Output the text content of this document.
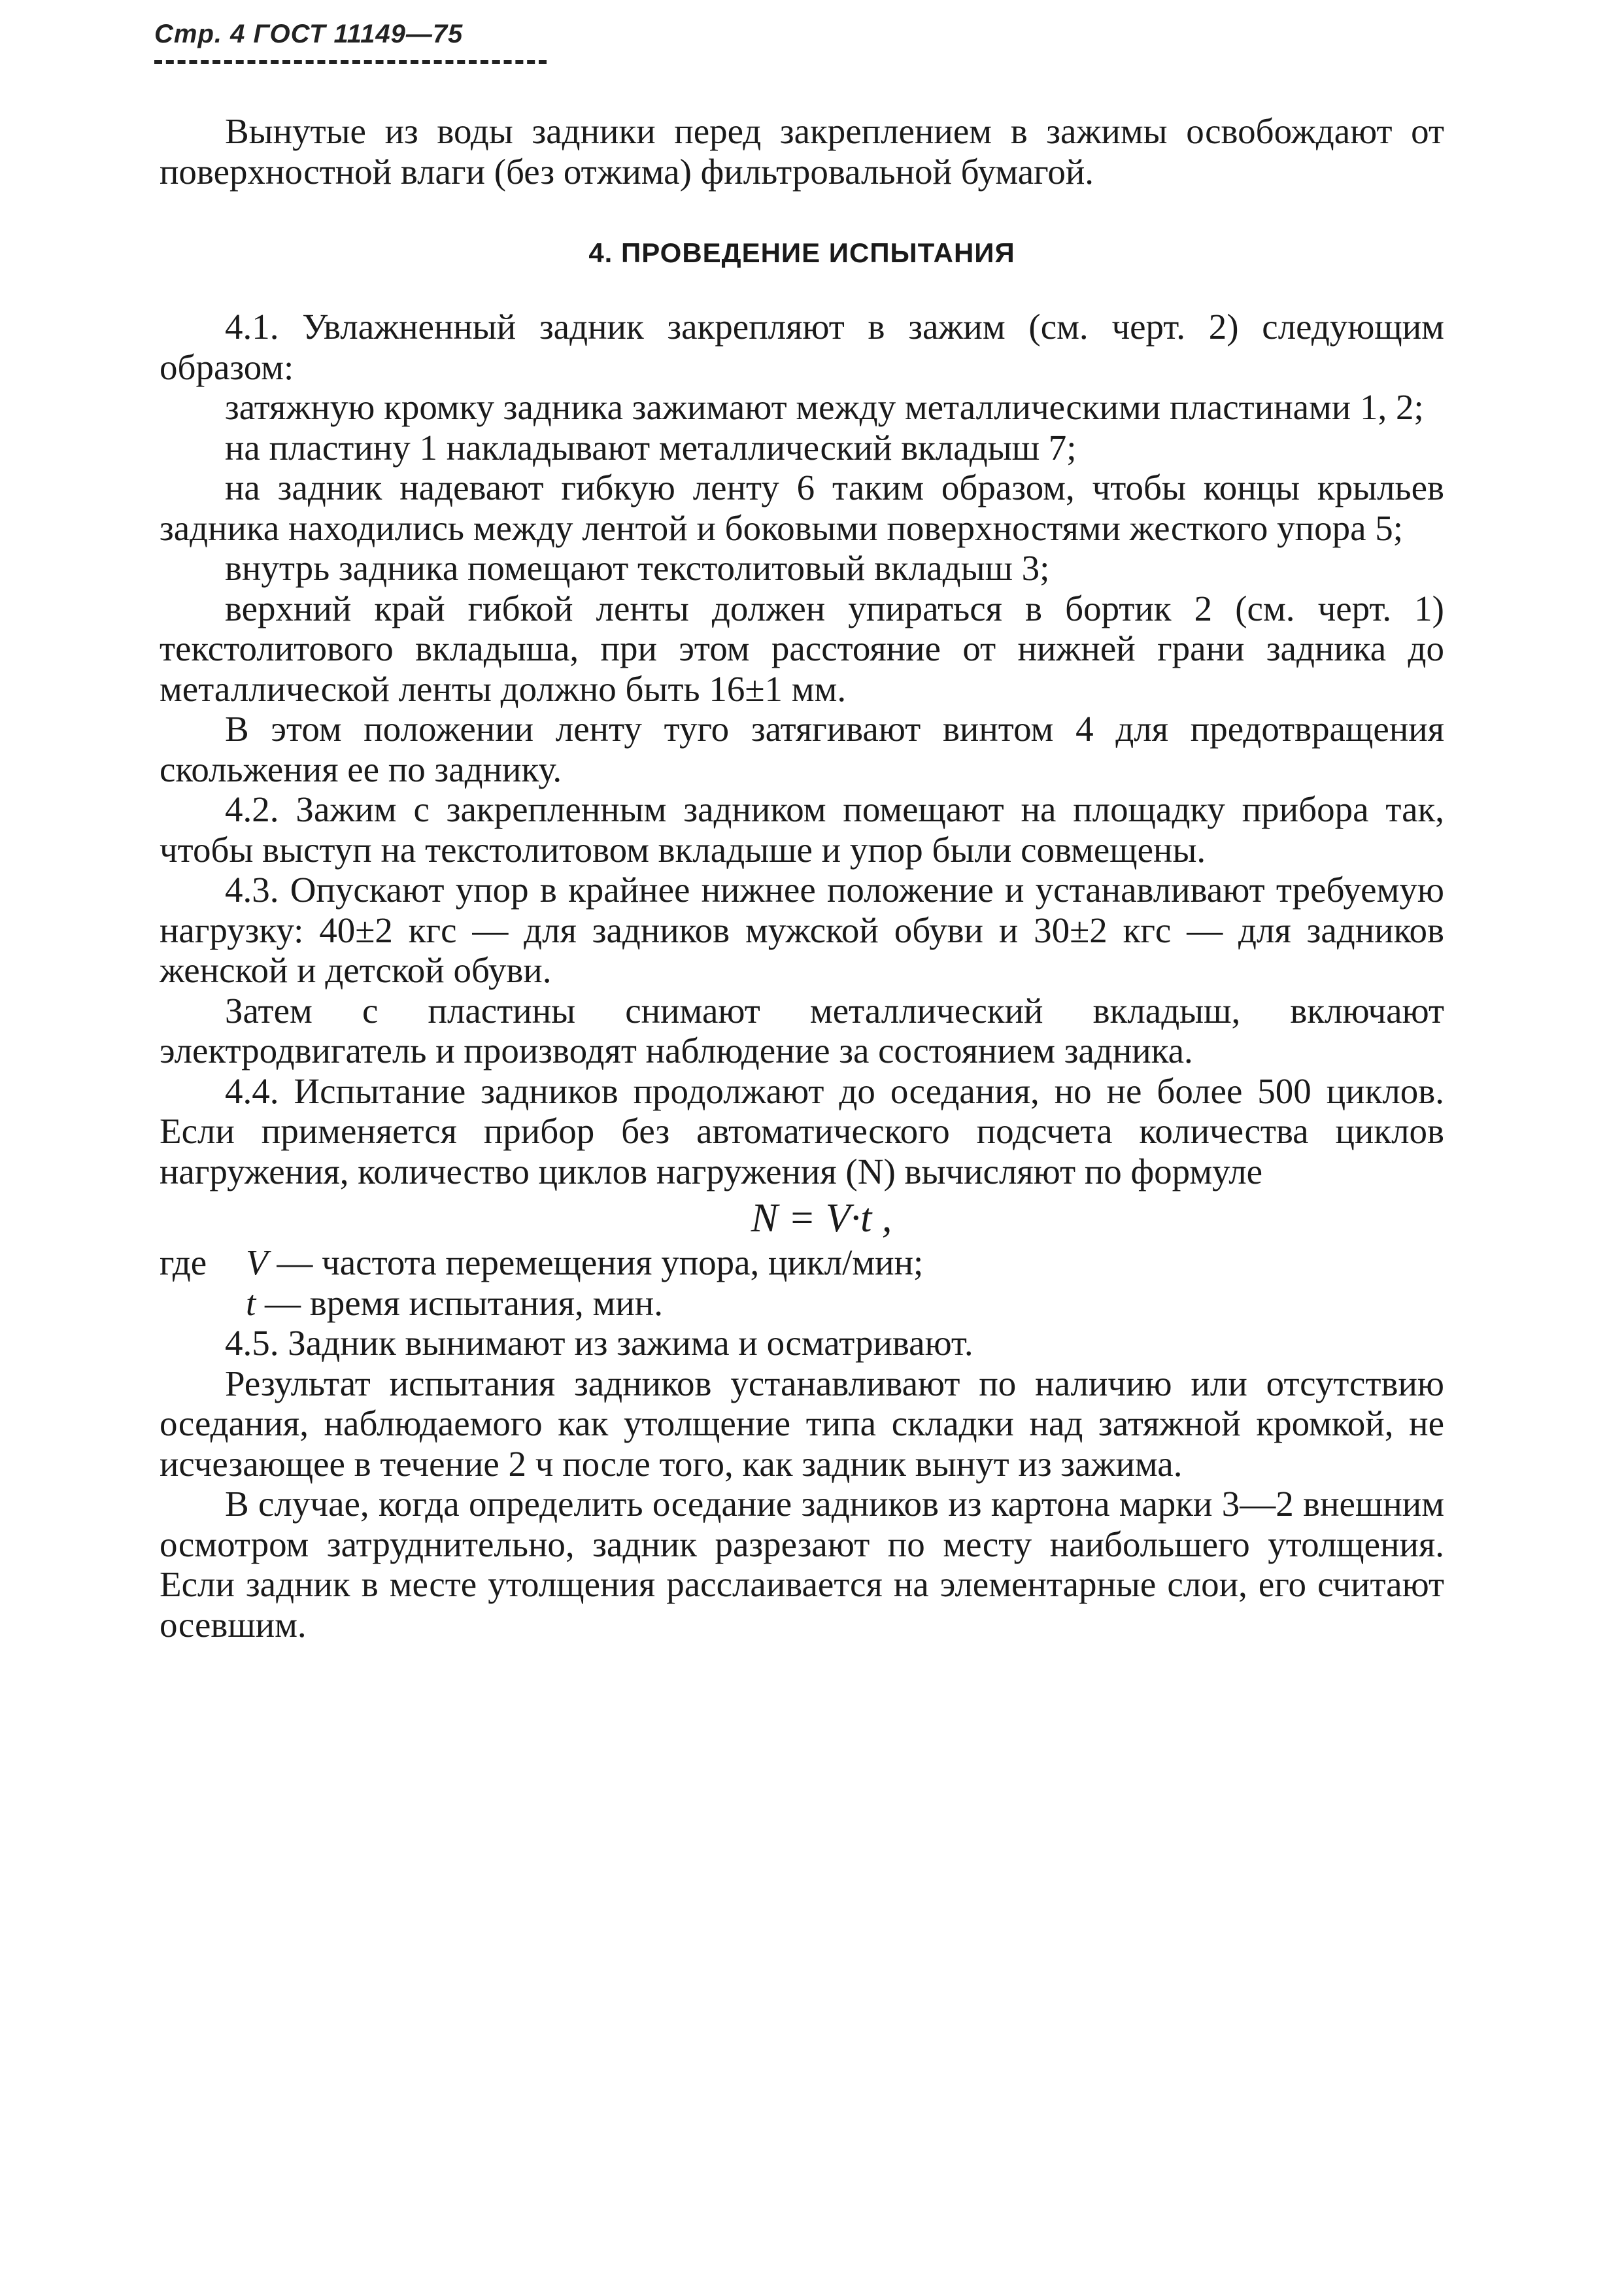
Стр. 4 ГОСТ 11149—75

Вынутые из воды задники перед закреплением в зажимы освобождают от поверхностной влаги (без отжима) фильтровальной бумагой.

4. ПРОВЕДЕНИЕ ИСПЫТАНИЯ

4.1. Увлажненный задник закрепляют в зажим (см. черт. 2) следующим образом:

затяжную кромку задника зажимают между металлическими пластинами 1, 2;

на пластину 1 накладывают металлический вкладыш 7;

на задник надевают гибкую ленту 6 таким образом, чтобы концы крыльев задника находились между лентой и боковыми поверхностями жесткого упора 5;

внутрь задника помещают текстолитовый вкладыш 3;

верхний край гибкой ленты должен упираться в бортик 2 (см. черт. 1) текстолитового вкладыша, при этом расстояние от нижней грани задника до металлической ленты должно быть 16±1 мм.

В этом положении ленту туго затягивают винтом 4 для предотвращения скольжения ее по заднику.

4.2. Зажим с закрепленным задником помещают на площадку прибора так, чтобы выступ на текстолитовом вкладыше и упор были совмещены.

4.3. Опускают упор в крайнее нижнее положение и устанавливают требуемую нагрузку: 40±2 кгс — для задников мужской обуви и 30±2 кгс — для задников женской и детской обуви.

Затем с пластины снимают металлический вкладыш, включают электродвигатель и производят наблюдение за состоянием задника.

4.4. Испытание задников продолжают до оседания, но не более 500 циклов. Если применяется прибор без автоматического подсчета количества циклов нагружения, количество циклов нагружения (N) вычисляют по формуле

N = V·t ,
где	V
— частота перемещения упора, цикл/мин;
t
— время испытания, мин.

4.5. Задник вынимают из зажима и осматривают.

Результат испытания задников устанавливают по наличию или отсутствию оседания, наблюдаемого как утолщение типа складки над затяжной кромкой, не исчезающее в течение 2 ч после того, как задник вынут из зажима.

В случае, когда определить оседание задников из картона марки 3—2 внешним осмотром затруднительно, задник разрезают по месту наибольшего утолщения. Если задник в месте утолщения расслаивается на элементарные слои, его считают осевшим.
